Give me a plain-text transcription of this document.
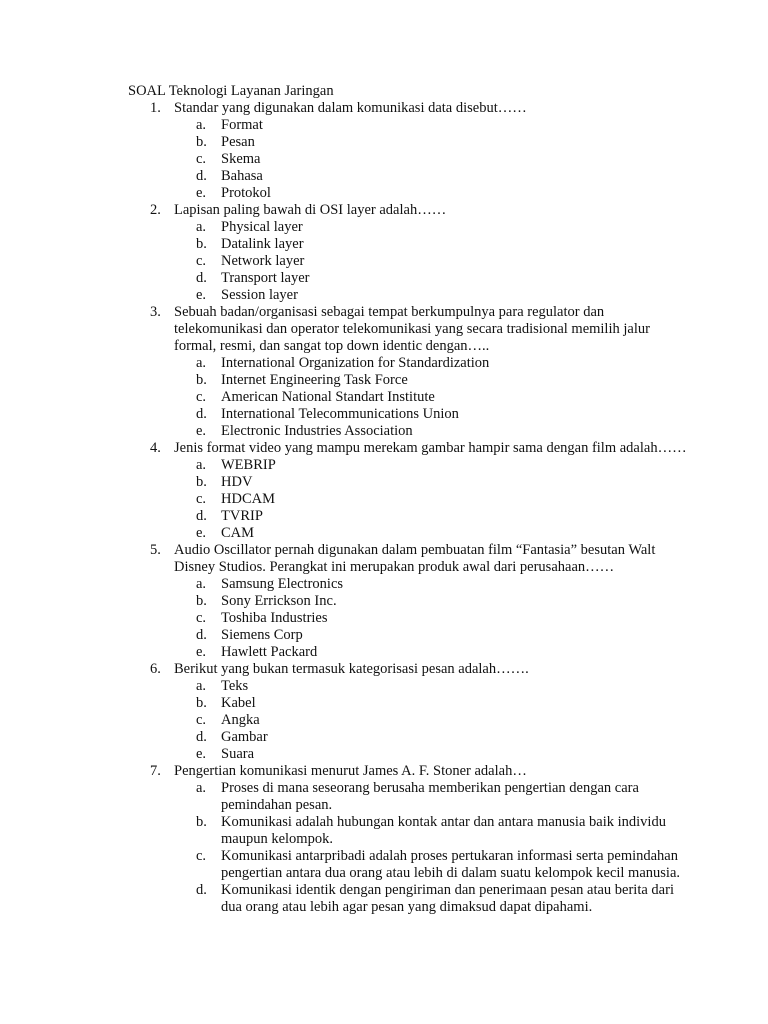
SOAL Teknologi Layanan Jaringan
1. Standar yang digunakan dalam komunikasi data disebut……
a. Format
b. Pesan
c. Skema
d. Bahasa
e. Protokol
2. Lapisan paling bawah di OSI layer adalah……
a. Physical layer
b. Datalink layer
c. Network layer
d. Transport layer
e. Session layer
3. Sebuah badan/organisasi sebagai tempat berkumpulnya para regulator dan telekomunikasi dan operator telekomunikasi yang secara tradisional memilih jalur formal, resmi, dan sangat top down identic dengan…..
a. International Organization for Standardization
b. Internet Engineering Task Force
c. American National Standart Institute
d. International Telecommunications Union
e. Electronic Industries Association
4. Jenis format video yang mampu merekam gambar hampir sama dengan film adalah……
a. WEBRIP
b. HDV
c. HDCAM
d. TVRIP
e. CAM
5. Audio Oscillator pernah digunakan dalam pembuatan film “Fantasia” besutan Walt Disney Studios. Perangkat ini merupakan produk awal dari perusahaan……
a. Samsung Electronics
b. Sony Errickson Inc.
c. Toshiba Industries
d. Siemens Corp
e. Hawlett Packard
6. Berikut yang bukan termasuk kategorisasi pesan adalah…….
a. Teks
b. Kabel
c. Angka
d. Gambar
e. Suara
7. Pengertian komunikasi menurut James A. F. Stoner adalah…
a. Proses di mana seseorang berusaha memberikan pengertian dengan cara pemindahan pesan.
b. Komunikasi adalah hubungan kontak antar dan antara manusia baik individu maupun kelompok.
c. Komunikasi antarpribadi adalah proses pertukaran informasi serta pemindahan pengertian antara dua orang atau lebih di dalam suatu kelompok kecil manusia.
d. Komunikasi identik dengan pengiriman dan penerimaan pesan atau berita dari dua orang atau lebih agar pesan yang dimaksud dapat dipahami.
